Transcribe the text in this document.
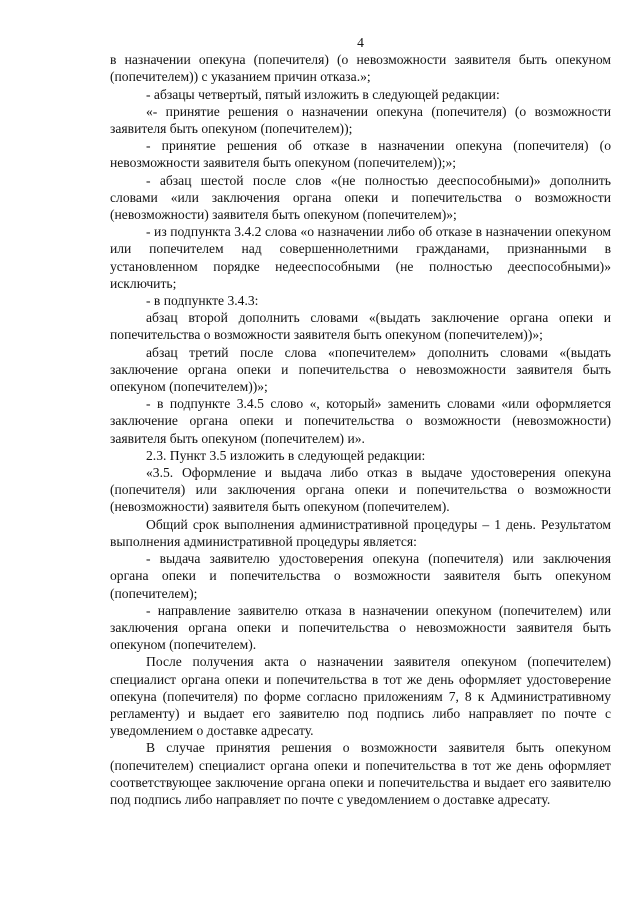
4

в назначении опекуна (попечителя) (о невозможности заявителя быть опекуном (попечителем)) с указанием причин отказа.»;

- абзацы четвертый, пятый изложить в следующей редакции:

«- принятие решения о назначении опекуна (попечителя) (о возможности заявителя быть опекуном (попечителем));

- принятие решения об отказе в назначении опекуна (попечителя) (о невозможности заявителя быть опекуном (попечителем));»;

- абзац шестой после слов «(не полностью дееспособными)» дополнить словами «или заключения органа опеки и попечительства о возможности (невозможности) заявителя быть опекуном (попечителем)»;

- из подпункта 3.4.2 слова «о назначении либо об отказе в назначении опекуном или попечителем над совершеннолетними гражданами, признанными в установленном порядке недееспособными (не полностью дееспособными)» исключить;

- в подпункте 3.4.3:

абзац второй дополнить словами «(выдать заключение органа опеки и попечительства о возможности заявителя быть опекуном (попечителем))»;

абзац третий после слова «попечителем» дополнить словами «(выдать заключение органа опеки и попечительства о невозможности заявителя быть опекуном (попечителем))»;

- в подпункте 3.4.5 слово «, который» заменить словами «или оформляется заключение органа опеки и попечительства о возможности (невозможности) заявителя быть опекуном (попечителем) и».

2.3. Пункт 3.5 изложить в следующей редакции:

«3.5. Оформление и выдача либо отказ в выдаче удостоверения опекуна (попечителя) или заключения органа опеки и попечительства о возможности (невозможности) заявителя быть опекуном (попечителем).

Общий срок выполнения административной процедуры – 1 день. Результатом выполнения административной процедуры является:

- выдача заявителю удостоверения опекуна (попечителя) или заключения органа опеки и попечительства о возможности заявителя быть опекуном (попечителем);

- направление заявителю отказа в назначении опекуном (попечителем) или заключения органа опеки и попечительства о невозможности заявителя быть опекуном (попечителем).

После получения акта о назначении заявителя опекуном (попечителем) специалист органа опеки и попечительства в тот же день оформляет удостоверение опекуна (попечителя) по форме согласно приложениям 7, 8 к Административному регламенту) и выдает его заявителю под подпись либо направляет по почте с уведомлением о доставке адресату.

В случае принятия решения о возможности заявителя быть опекуном (попечителем) специалист органа опеки и попечительства в тот же день оформляет соответствующее заключение органа опеки и попечительства и выдает его заявителю под подпись либо направляет по почте с уведомлением о доставке адресату.
